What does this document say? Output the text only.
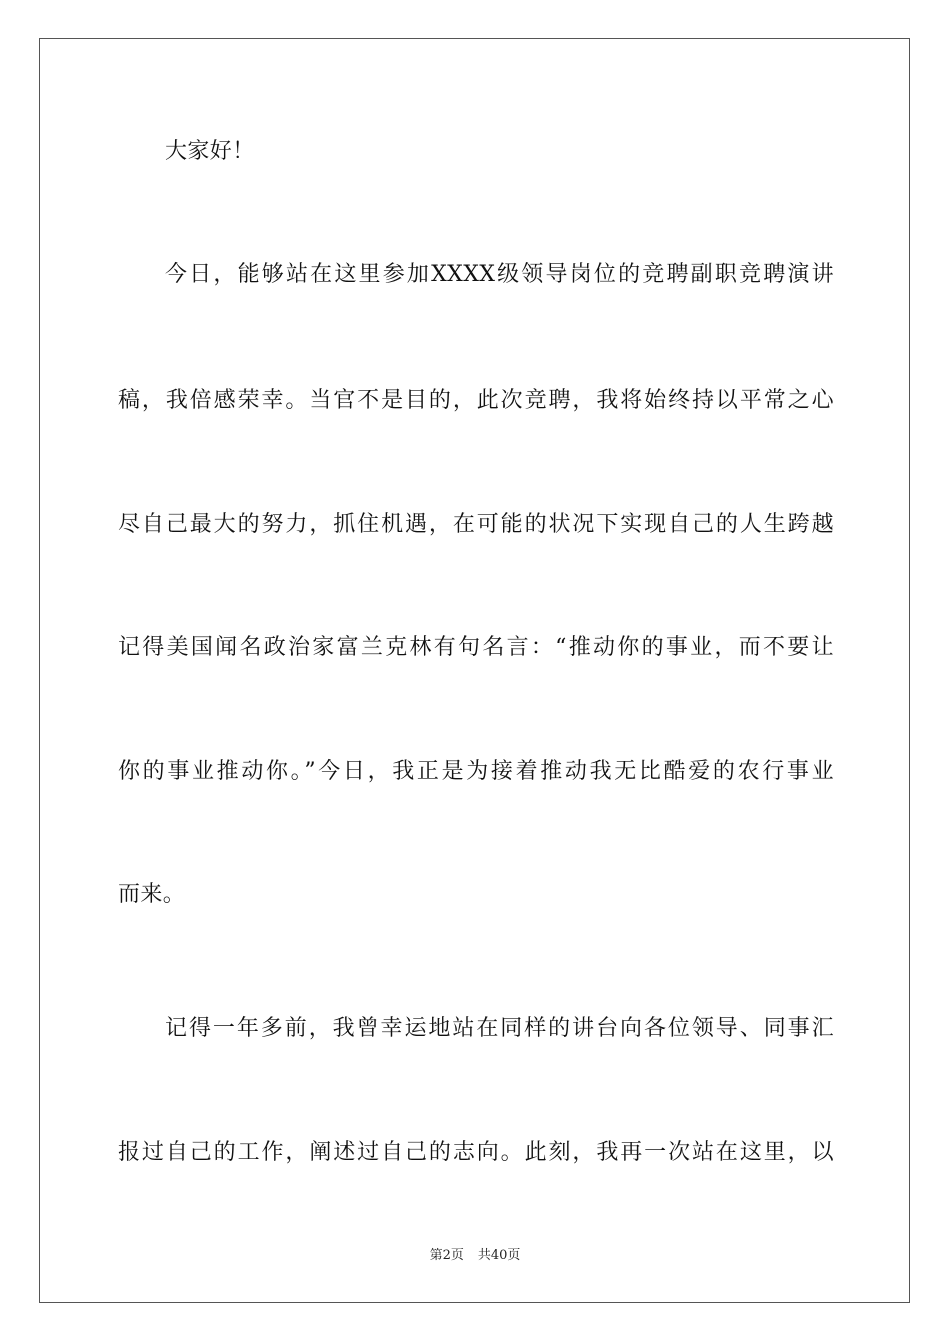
大家好！
今日，能够站在这里参加XXXX级领导岗位的竞聘副职竞聘演讲
稿，我倍感荣幸。当官不是目的，此次竞聘，我将始终持以平常之心
尽自己最大的努力，抓住机遇，在可能的状况下实现自己的人生跨越
记得美国闻名政治家富兰克林有句名言：“推动你的事业，而不要让
你的事业推动你。”今日，我正是为接着推动我无比酷爱的农行事业
而来。
记得一年多前，我曾幸运地站在同样的讲台向各位领导、同事汇
报过自己的工作，阐述过自己的志向。此刻，我再一次站在这里，以
第2页 共40页
